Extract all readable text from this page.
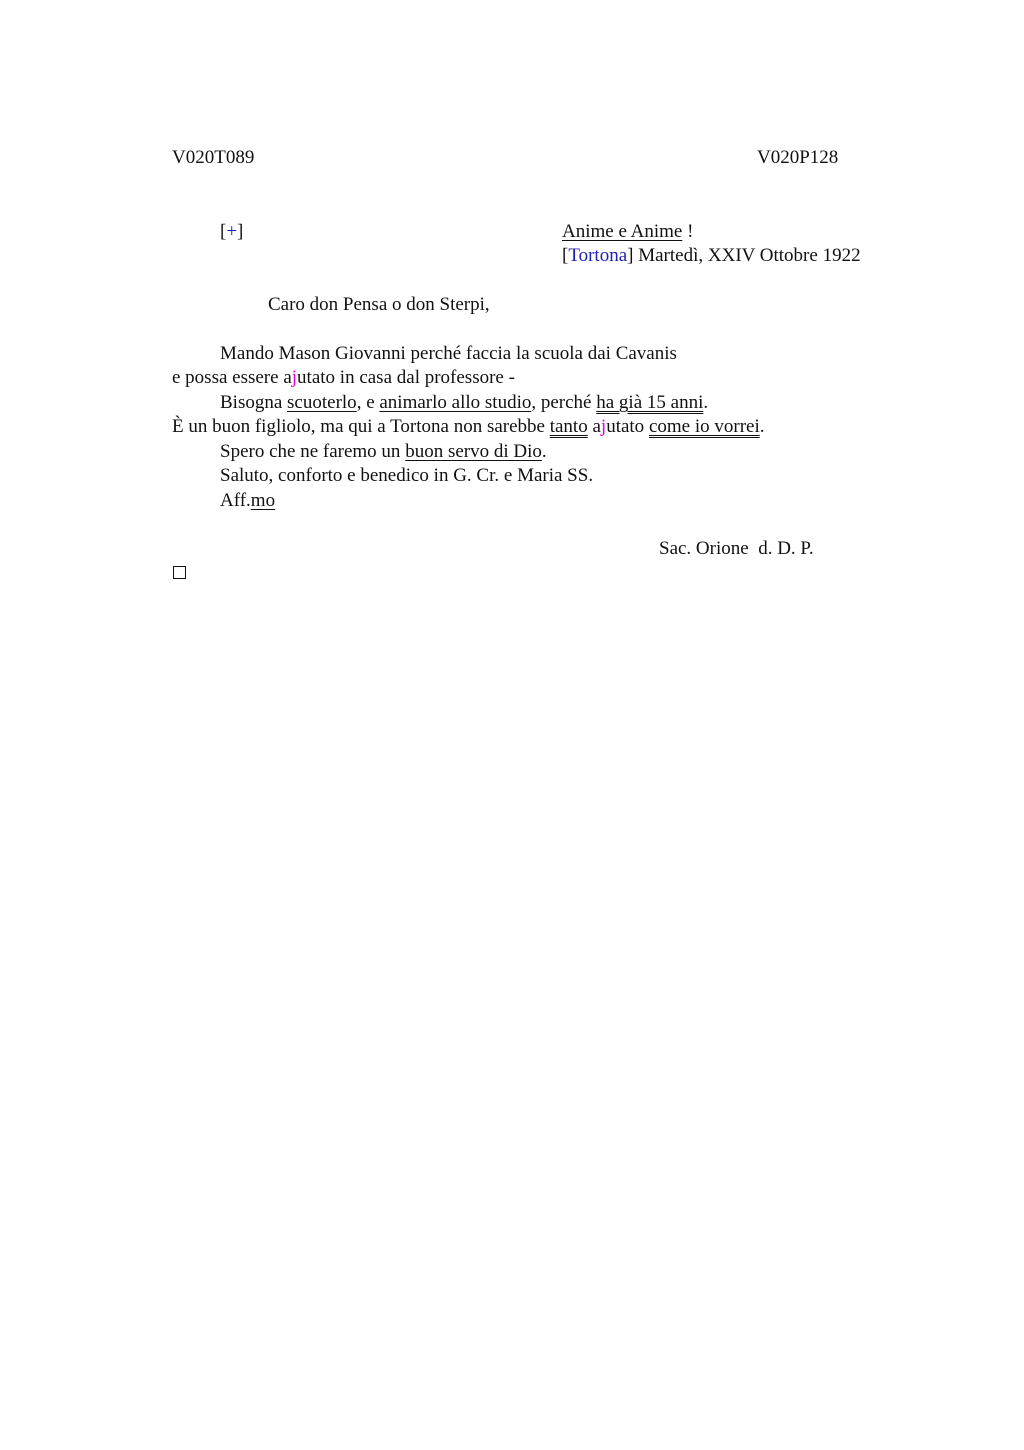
V020T089	V020P128
[+]	Anime e Anime !
[Tortona] Martedì, XXIV Ottobre 1922
Caro don Pensa o don Sterpi,
Mando Mason Giovanni perché faccia la scuola dai Cavanis
e possa essere ajutato in casa dal professore -
Bisogna scuoterlo, e animarlo allo studio, perché ha già 15 anni.
È un buon figliolo, ma qui a Tortona non sarebbe tanto ajutato come io vorrei.
Spero che ne faremo un buon servo di Dio.
Saluto, conforto e benedico in G. Cr. e Maria SS.
Aff.mo
Sac. Orione  d. D. P.
